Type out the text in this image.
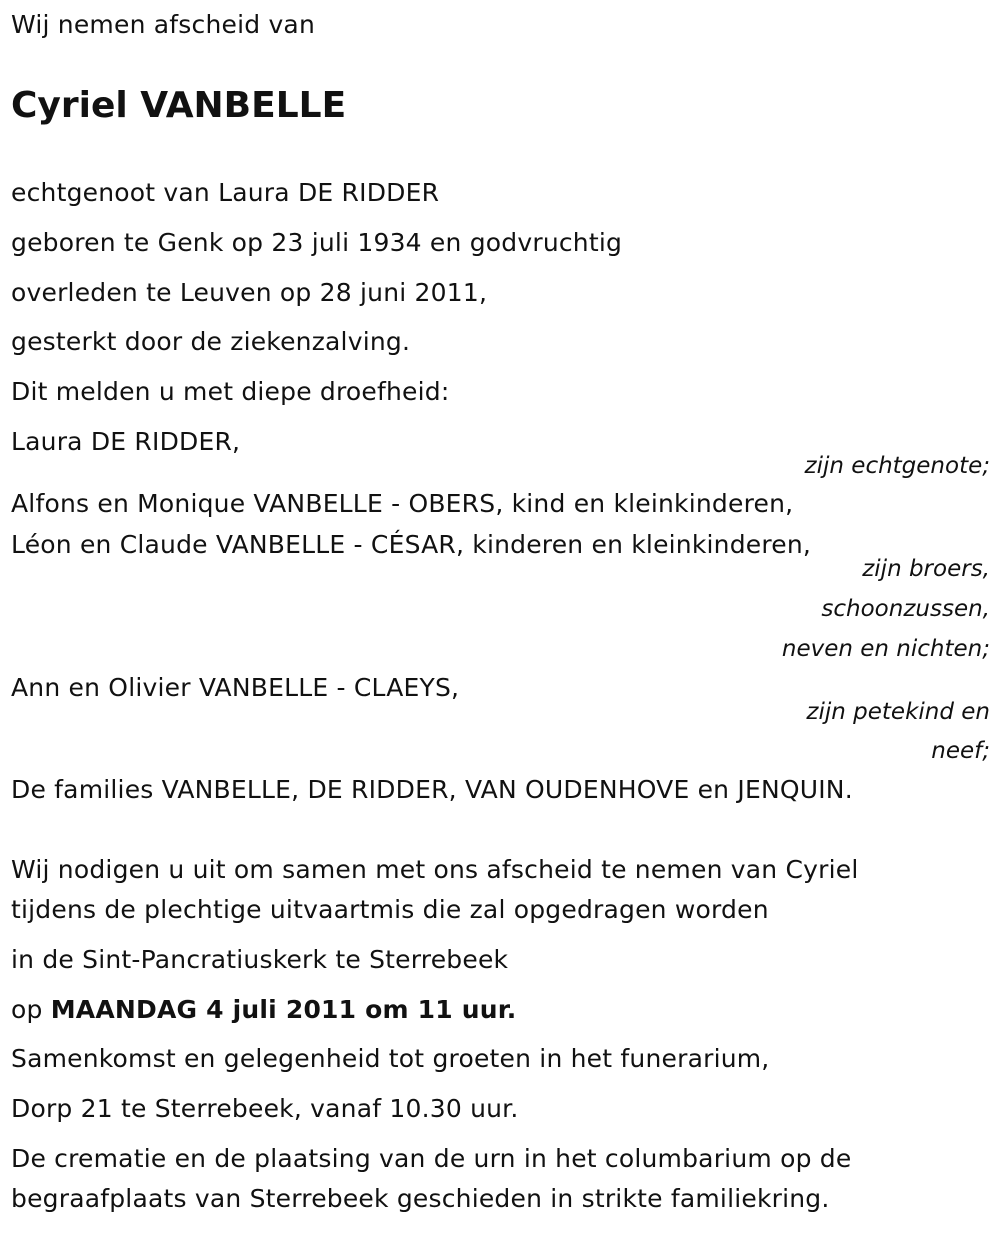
Wij nemen afscheid van
Cyriel VANBELLE
echtgenoot van Laura DE RIDDER
geboren te Genk op 23 juli 1934 en godvruchtig
overleden te Leuven op 28 juni 2011,
gesterkt door de ziekenzalving.
Dit melden u met diepe droefheid:
Laura DE RIDDER,
zijn echtgenote;
Alfons en Monique VANBELLE - OBERS, kind en kleinkinderen,
Léon en Claude VANBELLE - CÉSAR, kinderen en kleinkinderen,
zijn broers,
schoonzussen,
neven en nichten;
Ann en Olivier VANBELLE - CLAEYS,
zijn petekind en
neef;
De families VANBELLE, DE RIDDER, VAN OUDENHOVE en JENQUIN.
Wij nodigen u uit om samen met ons afscheid te nemen van Cyriel
tijdens de plechtige uitvaartmis die zal opgedragen worden
in de Sint-Pancratiuskerk te Sterrebeek
op MAANDAG 4 juli 2011 om 11 uur.
Samenkomst en gelegenheid tot groeten in het funerarium,
Dorp 21 te Sterrebeek, vanaf 10.30 uur.
De crematie en de plaatsing van de urn in het columbarium op de
begraafplaats van Sterrebeek geschieden in strikte familiekring.
